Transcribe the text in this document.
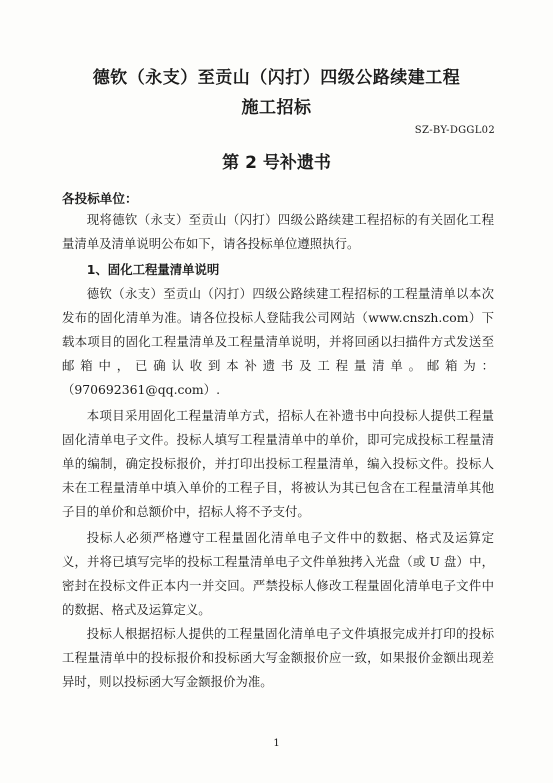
德钦（永支）至贡山（闪打）四级公路续建工程
施工招标
SZ-BY-DGGL02
第 2 号补遗书
各投标单位：
现将德钦（永支）至贡山（闪打）四级公路续建工程招标的有关固化工程量清单及清单说明公布如下，请各投标单位遵照执行。
1、固化工程量清单说明
德钦（永支）至贡山（闪打）四级公路续建工程招标的工程量清单以本次发布的固化清单为准。请各位投标人登陆我公司网站（www.cnszh.com）下载本项目的固化工程量清单及工程量清单说明，并将回函以扫描件方式发送至邮箱中，已确认收到本补遗书及工程量清单。邮箱为：（970692361@qq.com）.
本项目采用固化工程量清单方式，招标人在补遗书中向投标人提供工程量固化清单电子文件。投标人填写工程量清单中的单价，即可完成投标工程量清单的编制，确定投标报价，并打印出投标工程量清单，编入投标文件。投标人未在工程量清单中填入单价的工程子目，将被认为其已包含在工程量清单其他子目的单价和总额价中，招标人将不予支付。
投标人必须严格遵守工程量固化清单电子文件中的数据、格式及运算定义，并将已填写完毕的投标工程量清单电子文件单独拷入光盘（或 U 盘）中，密封在投标文件正本内一并交回。严禁投标人修改工程量固化清单电子文件中的数据、格式及运算定义。
投标人根据招标人提供的工程量固化清单电子文件填报完成并打印的投标工程量清单中的投标报价和投标函大写金额报价应一致，如果报价金额出现差异时，则以投标函大写金额报价为准。
1
